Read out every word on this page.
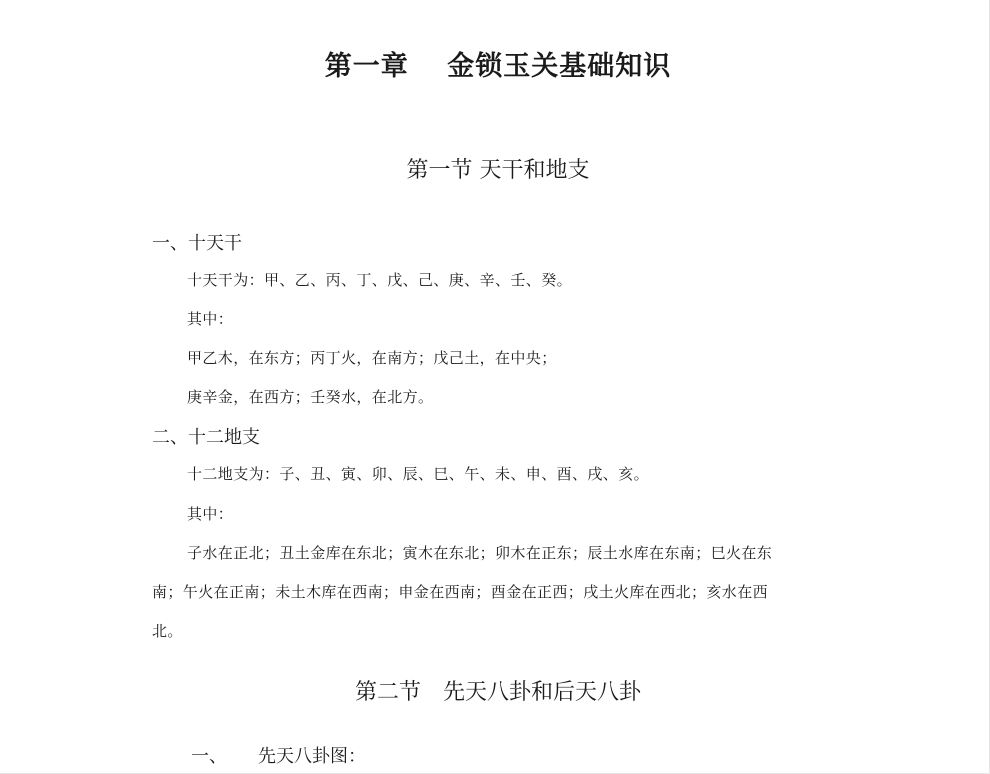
第一章　 金锁玉关基础知识
第一节 天干和地支
一、十天干
十天干为：甲、乙、丙、丁、戊、己、庚、辛、壬、癸。
其中：
甲乙木，在东方；丙丁火，在南方；戊己土，在中央；
庚辛金，在西方；壬癸水，在北方。
二、十二地支
十二地支为：子、丑、寅、卯、辰、巳、午、未、申、酉、戌、亥。
其中：
子水在正北；丑土金库在东北；寅木在东北；卯木在正东；辰土水库在东南；巳火在东
南；午火在正南；未土木库在西南；申金在西南；酉金在正西；戌土火库在西北；亥水在西
北。
第二节　先天八卦和后天八卦
一、 先天八卦图：
